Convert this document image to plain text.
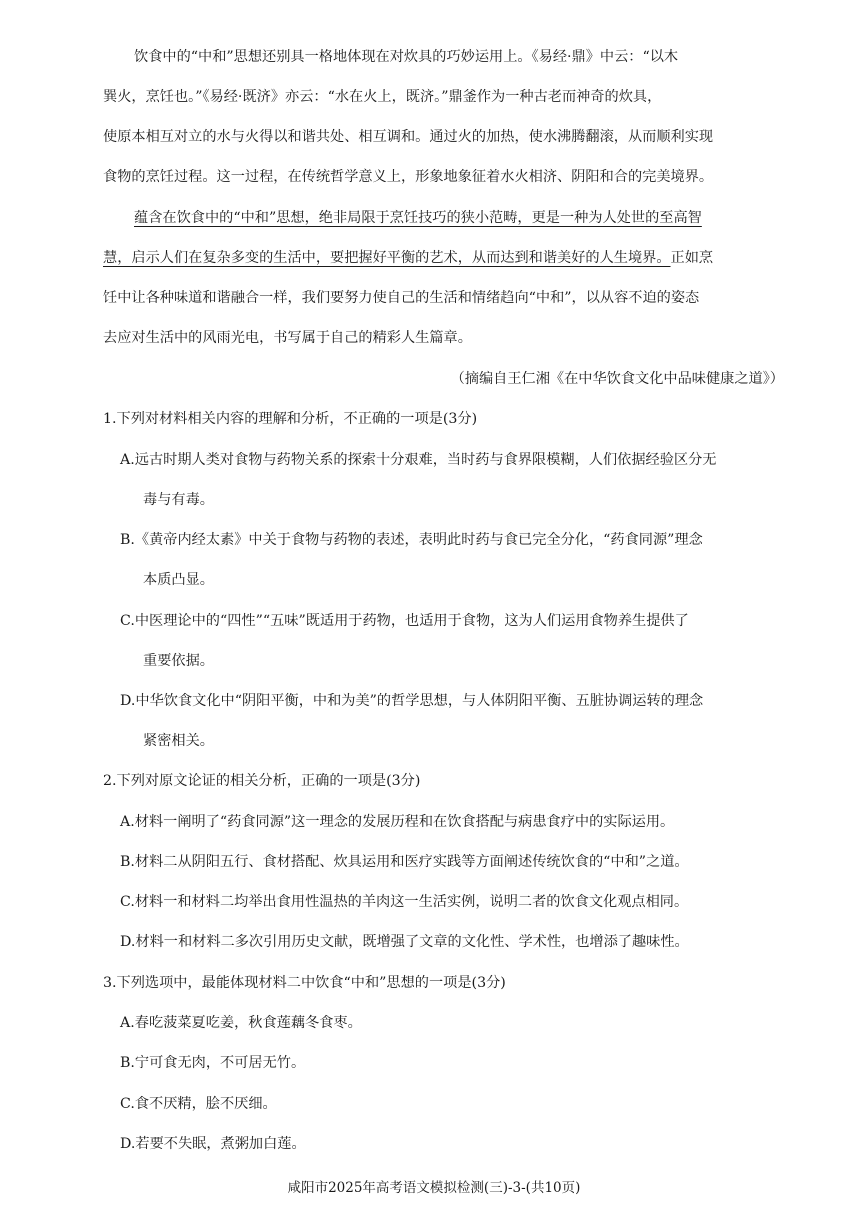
饮食中的“中和”思想还别具一格地体现在对炊具的巧妙运用上。《易经·鼎》中云：“以木
巽火，烹饪也。”《易经·既济》亦云：“水在火上，既济。”鼎釜作为一种古老而神奇的炊具，
使原本相互对立的水与火得以和谐共处、相互调和。通过火的加热，使水沸腾翻滚，从而顺利实现
食物的烹饪过程。这一过程，在传统哲学意义上，形象地象征着水火相济、阴阳和合的完美境界。
蕴含在饮食中的“中和”思想，绝非局限于烹饪技巧的狭小范畴，更是一种为人处世的至高智
慧，启示人们在复杂多变的生活中，要把握好平衡的艺术，从而达到和谐美好的人生境界。正如烹
饪中让各种味道和谐融合一样，我们要努力使自己的生活和情绪趋向“中和”，以从容不迫的姿态
去应对生活中的风雨光电，书写属于自己的精彩人生篇章。
（摘编自王仁湘《在中华饮食文化中品味健康之道》）
1.下列对材料相关内容的理解和分析，不正确的一项是(3分)
A.远古时期人类对食物与药物关系的探索十分艰难，当时药与食界限模糊，人们依据经验区分无
毒与有毒。
B.《黄帝内经太素》中关于食物与药物的表述，表明此时药与食已完全分化，“药食同源”理念
本质凸显。
C.中医理论中的“四性”“五味”既适用于药物，也适用于食物，这为人们运用食物养生提供了
重要依据。
D.中华饮食文化中“阴阳平衡，中和为美”的哲学思想，与人体阴阳平衡、五脏协调运转的理念
紧密相关。
2.下列对原文论证的相关分析，正确的一项是(3分)
A.材料一阐明了“药食同源”这一理念的发展历程和在饮食搭配与病患食疗中的实际运用。
B.材料二从阴阳五行、食材搭配、炊具运用和医疗实践等方面阐述传统饮食的“中和”之道。
C.材料一和材料二均举出食用性温热的羊肉这一生活实例，说明二者的饮食文化观点相同。
D.材料一和材料二多次引用历史文献，既增强了文章的文化性、学术性，也增添了趣味性。
3.下列选项中，最能体现材料二中饮食“中和”思想的一项是(3分)
A.春吃菠菜夏吃姜，秋食莲藕冬食枣。
B.宁可食无肉，不可居无竹。
C.食不厌精，脍不厌细。
D.若要不失眠，煮粥加白莲。
咸阳市2025年高考语文模拟检测(三)-3-(共10页)
